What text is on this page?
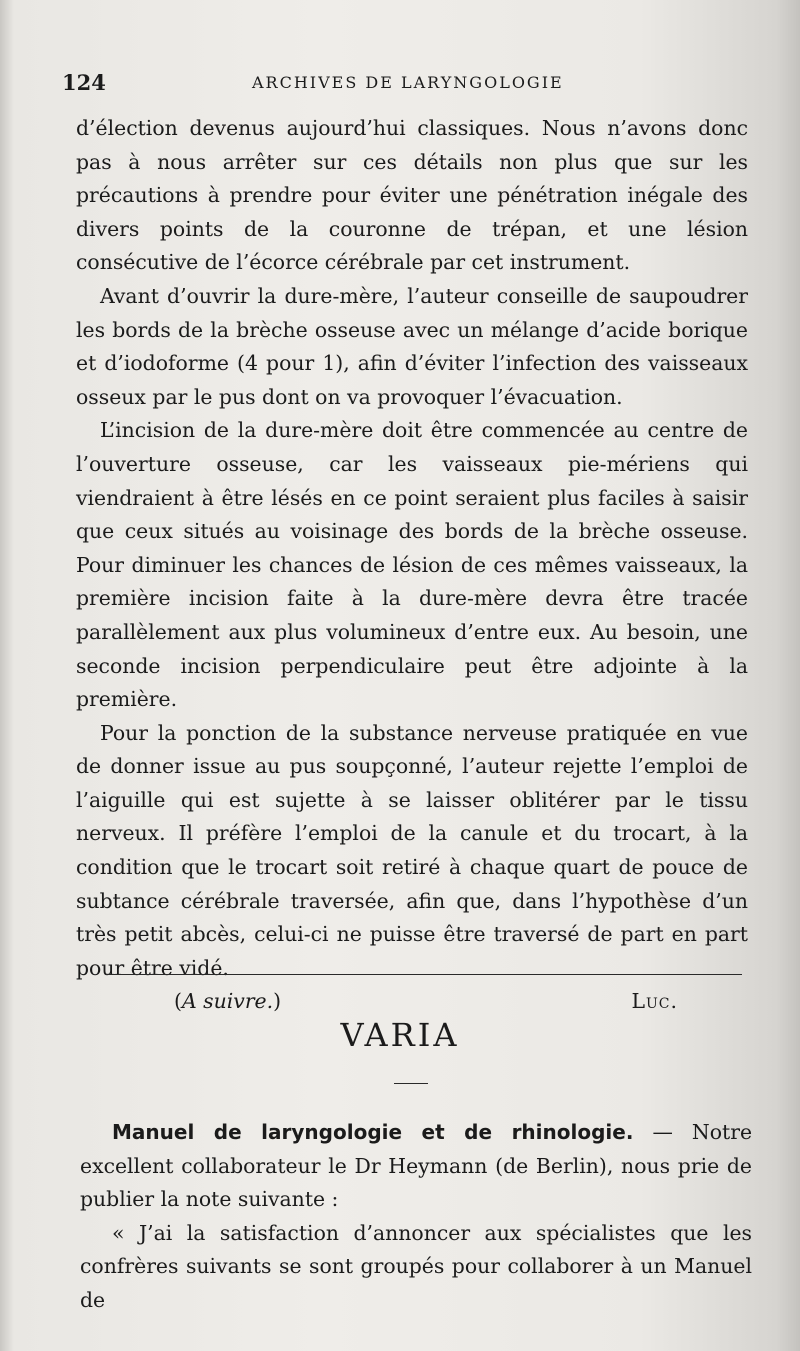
124	ARCHIVES DE LARYNGOLOGIE

d’élection devenus aujourd’hui classiques. Nous n’avons donc pas à nous arrêter sur ces détails non plus que sur les précautions à prendre pour éviter une pénétration inégale des divers points de la couronne de trépan, et une lésion consécutive de l’écorce cérébrale par cet instrument.

Avant d’ouvrir la dure-mère, l’auteur conseille de saupoudrer les bords de la brèche osseuse avec un mélange d’acide borique et d’iodoforme (4 pour 1), afin d’éviter l’infection des vaisseaux osseux par le pus dont on va provoquer l’évacuation.

L’incision de la dure-mère doit être commencée au centre de l’ouverture osseuse, car les vaisseaux pie-mériens qui viendraient à être lésés en ce point seraient plus faciles à saisir que ceux situés au voisinage des bords de la brèche osseuse. Pour diminuer les chances de lésion de ces mêmes vaisseaux, la première incision faite à la dure-mère devra être tracée parallèlement aux plus volumineux d’entre eux. Au besoin, une seconde incision perpendiculaire peut être adjointe à la première.

Pour la ponction de la substance nerveuse pratiquée en vue de donner issue au pus soupçonné, l’auteur rejette l’emploi de l’aiguille qui est sujette à se laisser oblitérer par le tissu nerveux. Il préfère l’emploi de la canule et du trocart, à la condition que le trocart soit retiré à chaque quart de pouce de subtance cérébrale traversée, afin que, dans l’hypothèse d’un très petit abcès, celui-ci ne puisse être traversé de part en part pour être vidé.

(A suivre.)	Luc.
VARIA

Manuel de laryngologie et de rhinologie. — Notre excellent collaborateur le Dr Heymann (de Berlin), nous prie de publier la note suivante :

« J’ai la satisfaction d’annoncer aux spécialistes que les confrères suivants se sont groupés pour collaborer à un Manuel de
